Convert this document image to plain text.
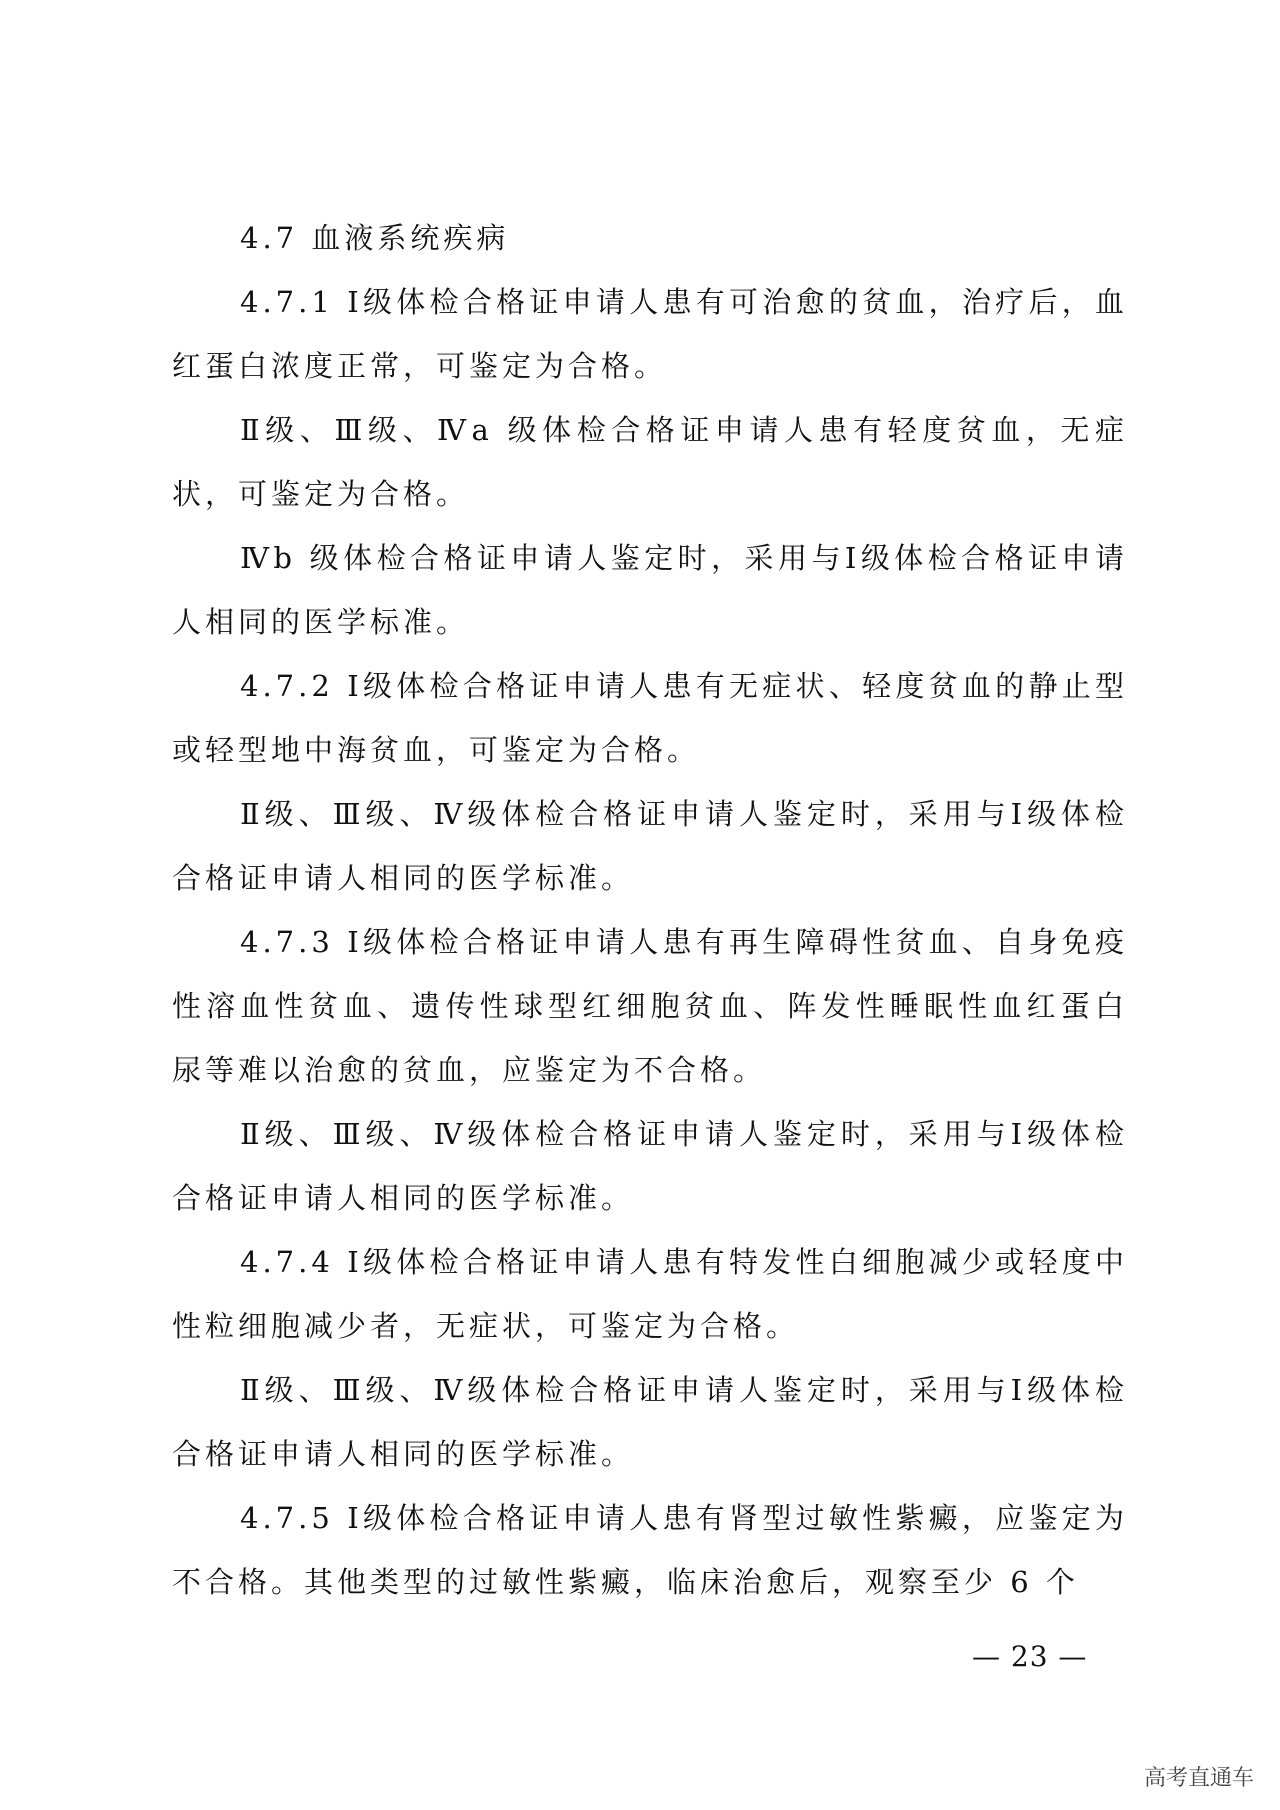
4.7 血液系统疾病

4.7.1 Ⅰ级体检合格证申请人患有可治愈的贫血，治疗后，血红蛋白浓度正常，可鉴定为合格。

Ⅱ级、Ⅲ级、Ⅳa 级体检合格证申请人患有轻度贫血，无症状，可鉴定为合格。

Ⅳb 级体检合格证申请人鉴定时，采用与Ⅰ级体检合格证申请人相同的医学标准。

4.7.2 Ⅰ级体检合格证申请人患有无症状、轻度贫血的静止型或轻型地中海贫血，可鉴定为合格。

Ⅱ级、Ⅲ级、Ⅳ级体检合格证申请人鉴定时，采用与Ⅰ级体检合格证申请人相同的医学标准。

4.7.3 Ⅰ级体检合格证申请人患有再生障碍性贫血、自身免疫性溶血性贫血、遗传性球型红细胞贫血、阵发性睡眠性血红蛋白尿等难以治愈的贫血，应鉴定为不合格。

Ⅱ级、Ⅲ级、Ⅳ级体检合格证申请人鉴定时，采用与Ⅰ级体检合格证申请人相同的医学标准。

4.7.4 Ⅰ级体检合格证申请人患有特发性白细胞减少或轻度中性粒细胞减少者，无症状，可鉴定为合格。

Ⅱ级、Ⅲ级、Ⅳ级体检合格证申请人鉴定时，采用与Ⅰ级体检合格证申请人相同的医学标准。

4.7.5 Ⅰ级体检合格证申请人患有肾型过敏性紫癜，应鉴定为不合格。其他类型的过敏性紫癜，临床治愈后，观察至少 6 个

— 23 —
高考直通车
